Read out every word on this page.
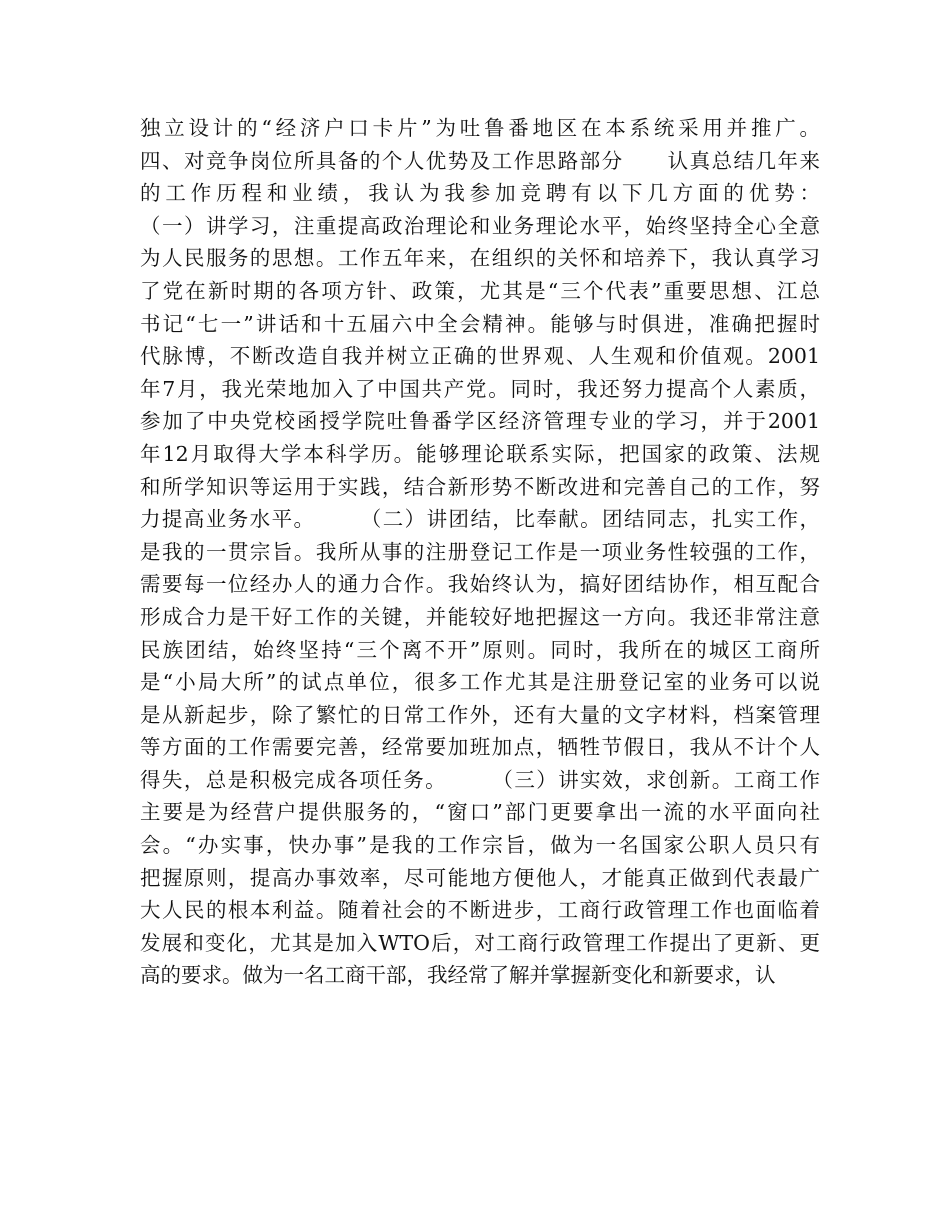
独立设计的“经济户口卡片”为吐鲁番地区在本系统采用并推广。
四、对竞争岗位所具备的个人优势及工作思路部分　　认真总结几年来
的工作历程和业绩，我认为我参加竞聘有以下几方面的优势：
（一）讲学习，注重提高政治理论和业务理论水平，始终坚持全心全意
为人民服务的思想。工作五年来，在组织的关怀和培养下，我认真学习
了党在新时期的各项方针、政策，尤其是“三个代表”重要思想、江总
书记“七一”讲话和十五届六中全会精神。能够与时俱进，准确把握时
代脉博，不断改造自我并树立正确的世界观、人生观和价值观。2001
年7月，我光荣地加入了中国共产党。同时，我还努力提高个人素质，
参加了中央党校函授学院吐鲁番学区经济管理专业的学习，并于2001
年12月取得大学本科学历。能够理论联系实际，把国家的政策、法规
和所学知识等运用于实践，结合新形势不断改进和完善自己的工作，努
力提高业务水平。　　　（二）讲团结，比奉献。团结同志，扎实工作，
是我的一贯宗旨。我所从事的注册登记工作是一项业务性较强的工作，
需要每一位经办人的通力合作。我始终认为，搞好团结协作，相互配合
形成合力是干好工作的关键，并能较好地把握这一方向。我还非常注意
民族团结，始终坚持“三个离不开”原则。同时，我所在的城区工商所
是“小局大所”的试点单位，很多工作尤其是注册登记室的业务可以说
是从新起步，除了繁忙的日常工作外，还有大量的文字材料，档案管理
等方面的工作需要完善，经常要加班加点，牺牲节假日，我从不计个人
得失，总是积极完成各项任务。　　　（三）讲实效，求创新。工商工作
主要是为经营户提供服务的，“窗口”部门更要拿出一流的水平面向社
会。“办实事，快办事”是我的工作宗旨，做为一名国家公职人员只有
把握原则，提高办事效率，尽可能地方便他人，才能真正做到代表最广
大人民的根本利益。随着社会的不断进步，工商行政管理工作也面临着
发展和变化，尤其是加入WTO后，对工商行政管理工作提出了更新、更
高的要求。做为一名工商干部，我经常了解并掌握新变化和新要求，认
